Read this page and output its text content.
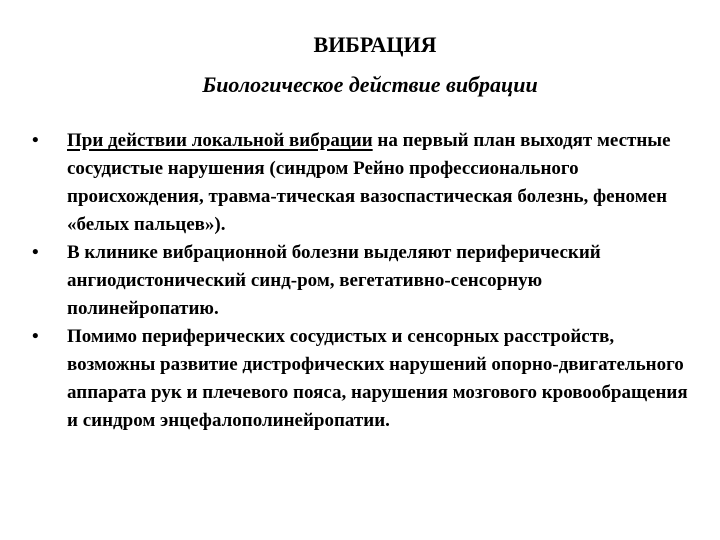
ВИБРАЦИЯ
Биологическое действие вибрации
• При действии локальной вибрации на первый план выходят местные сосудистые нарушения (синдром Рейно профессионального происхождения, травма-тическая вазоспастическая болезнь, феномен «белых пальцев»).
• В клинике вибрационной болезни выделяют периферический ангиодистонический синд-ром, вегетативно-сенсорную полинейропатию.
• Помимо периферических сосудистых и сенсорных расстройств, возможны развитие дистрофических нарушений опорно-двигательного аппарата рук и плечевого пояса, нарушения мозгового кровообращения и синдром энцефалополинейропатии.
